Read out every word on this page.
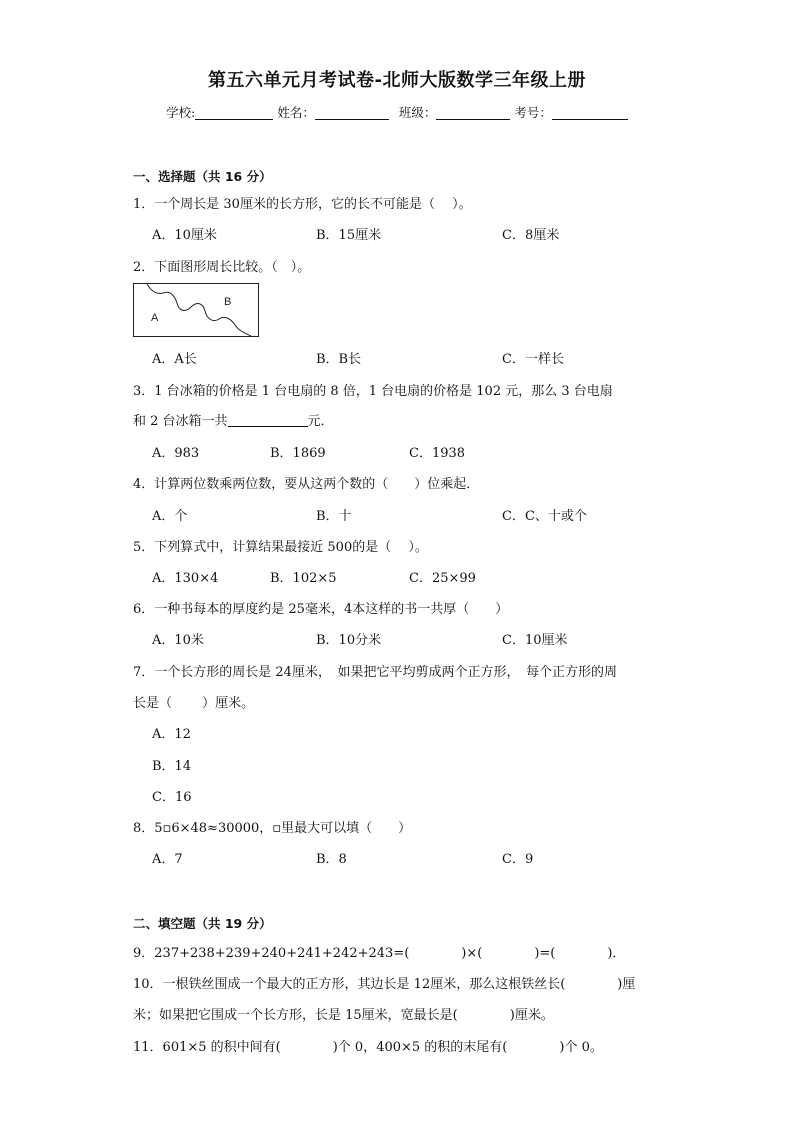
第五六单元月考试卷-北师大版数学三年级上册
学校:	姓名：	班级：	考号：
一、选择题（共 16 分）
1．一个周长是 30厘米的长方形，它的长不可能是（　 ）。
A．10厘米	B．15厘米	C．8厘米
2．下面图形周长比较。（　）。
A
B
A．A长	B．B长	C．一样长
3．1 台冰箱的价格是 1 台电扇的 8 倍，1 台电扇的价格是 102 元，那么 3 台电扇
和 2 台冰箱一共	元．
A．983	B．1869	C．1938
4．计算两位数乘两位数，要从这两个数的（　　）位乘起．
A．个	B．十	C．C、十或个
5．下列算式中，计算结果最接近 500的是（　 ）。
A．130×4	B．102×5	C．25×99
6．一种书每本的厚度约是 25毫米，4本这样的书一共厚（　　）
A．10米	B．10分米	C．10厘米
7．一个长方形的周长是 24厘米，　如果把它平均剪成两个正方形，　每个正方形的周
长是（　　 ）厘米。
A．12
B．14
C．16
8．5▫6×48≈30000，▫里最大可以填（　　）
A．7	B．8	C．9
二、填空题（共 19 分）
9．237+238+239+240+241+242+243=(　　　　)×(　　　　)=(　　　　)．
10．一根铁丝围成一个最大的正方形，其边长是 12厘米，那么这根铁丝长(　　　　)厘
米；如果把它围成一个长方形，长是 15厘米，宽最长是(　　　　)厘米。
11．601×5 的积中间有(　　　　)个 0，400×5 的积的末尾有(　　　　)个 0。
